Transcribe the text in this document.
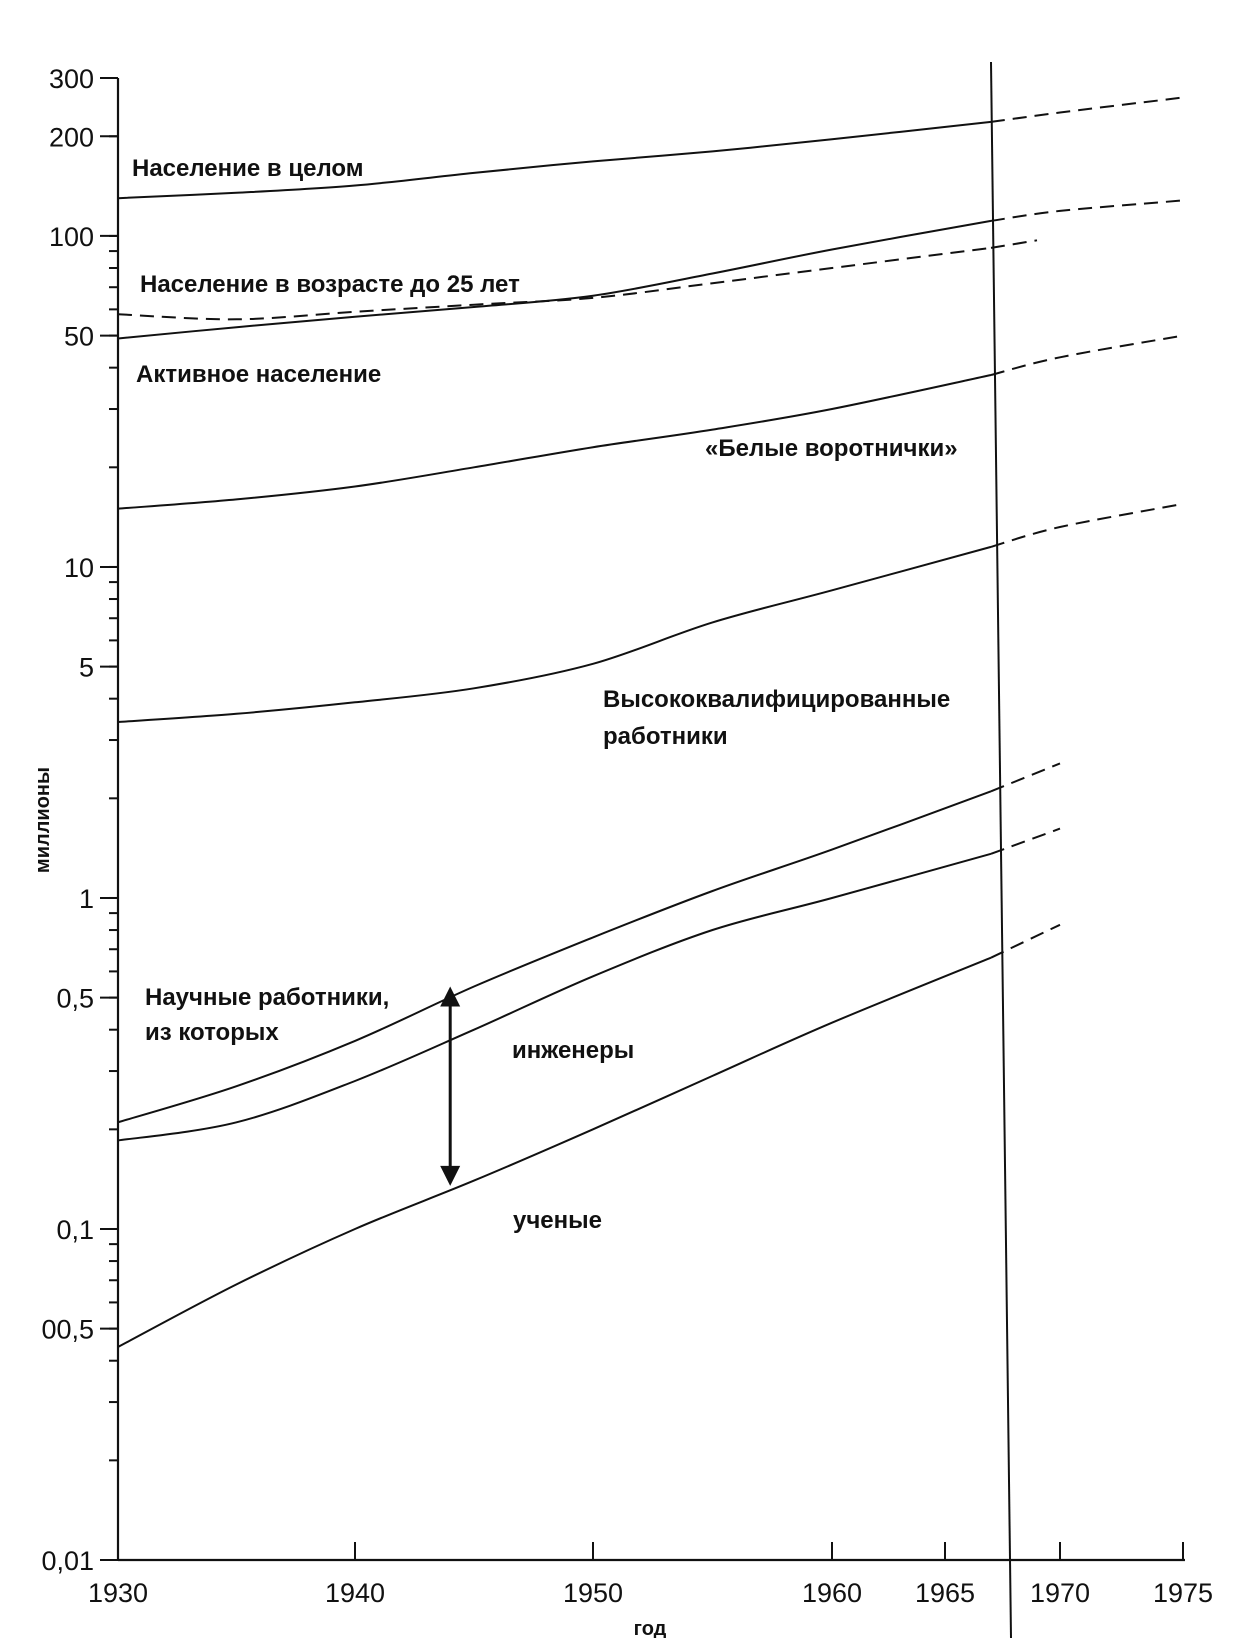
300
200
100
50
10
5
1
0,5
0,1
00,5
0,01
1930	1940	1950	1960 1965 1970 1975
миллионы
год
Население в целом
Население в возрасте до 25 лет
Активное население
«Белые воротнички»
Высококвалифицированные
работники
Научные работники,
из которых
инженеры
ученые
